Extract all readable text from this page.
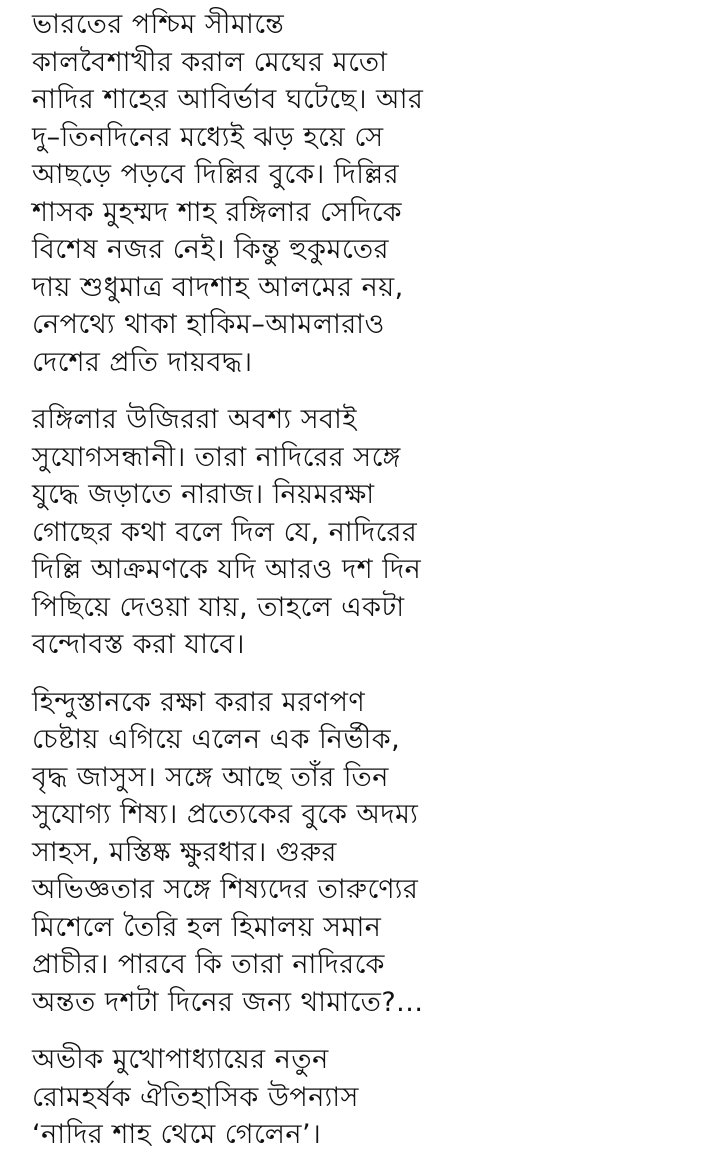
ভারতের পশ্চিম সীমান্তে
কালবৈশাখীর করাল মেঘের মতো
নাদির শাহের আবির্ভাব ঘটেছে। আর
দু–তিনদিনের মধ্যেই ঝড় হয়ে সে
আছড়ে পড়বে দিল্লির বুকে। দিল্লির
শাসক মুহম্মদ শাহ রঙ্গিলার সেদিকে
বিশেষ নজর নেই। কিন্তু হুকুমতের
দায় শুধুমাত্র বাদশাহ আলমের নয়,
নেপথ্যে থাকা হাকিম–আমলারাও
দেশের প্রতি দায়বদ্ধ।
রঙ্গিলার উজিররা অবশ্য সবাই
সুযোগসন্ধানী। তারা নাদিরের সঙ্গে
যুদ্ধে জড়াতে নারাজ। নিয়মরক্ষা
গোছের কথা বলে দিল যে, নাদিরের
দিল্লি আক্রমণকে যদি আরও দশ দিন
পিছিয়ে দেওয়া যায়, তাহলে একটা
বন্দোবস্ত করা যাবে।
হিন্দুস্তানকে রক্ষা করার মরণপণ
চেষ্টায় এগিয়ে এলেন এক নির্ভীক,
বৃদ্ধ জাসুস। সঙ্গে আছে তাঁর তিন
সুযোগ্য শিষ্য। প্রত্যেকের বুকে অদম্য
সাহস, মস্তিষ্ক ক্ষুরধার। গুরুর
অভিজ্ঞতার সঙ্গে শিষ্যদের তারুণ্যের
মিশেলে তৈরি হল হিমালয় সমান
প্রাচীর। পারবে কি তারা নাদিরকে
অন্তত দশটা দিনের জন্য থামাতে?...
অভীক মুখোপাধ্যায়ের নতুন
রোমহর্ষক ঐতিহাসিক উপন্যাস
‘নাদির শাহ থেমে গেলেন’।
